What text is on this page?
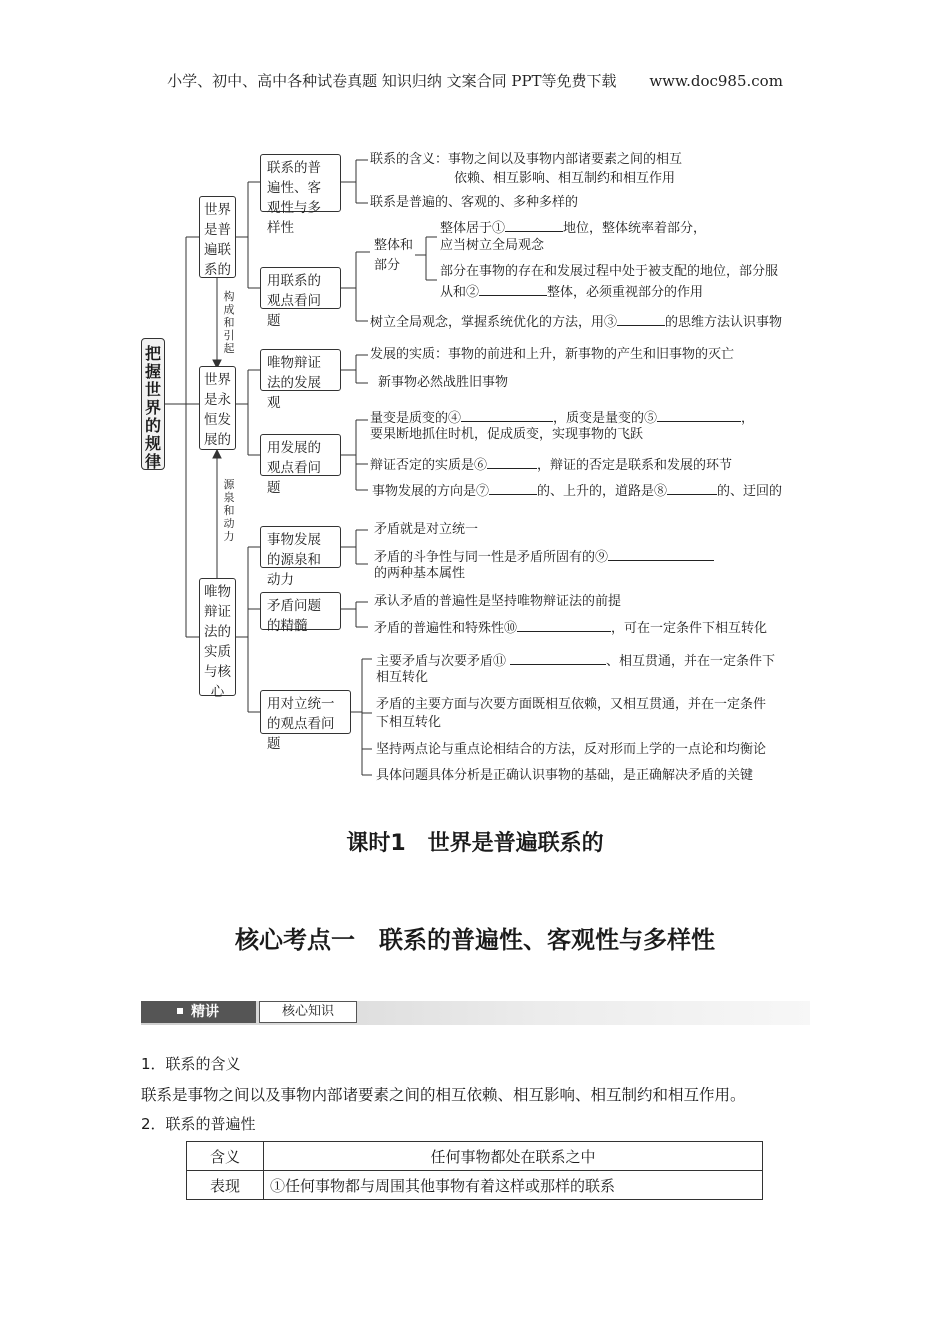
小学、初中、高中各种试卷真题 知识归纳 文案合同 PPT等免费下载 www.doc985.com
把握世界的规律
世界是普遍联系的
世界是永恒发展的
唯物辩证法的实质与核心
构成和引起
源泉和动力
联系的普遍性、客观性与多样性
用联系的观点看问题
唯物辩证法的发展观
用发展的观点看问题
事物发展的源泉和动力
矛盾问题的精髓
用对立统一的观点看问题
整体和部分
联系的含义：事物之间以及事物内部诸要素之间的相互
依赖、相互影响、相互制约和相互作用
联系是普遍的、客观的、多种多样的
整体居于①	地位，整体统率着部分，
应当树立全局观念
部分在事物的存在和发展过程中处于被支配的地位，部分服
从和②	整体，必须重视部分的作用
树立全局观念，掌握系统优化的方法，用③	的思维方法认识事物
发展的实质：事物的前进和上升，新事物的产生和旧事物的灭亡
新事物必然战胜旧事物
量变是质变的④	，质变是量变的⑤	，
要果断地抓住时机，促成质变，实现事物的飞跃
辩证否定的实质是⑥	，辩证的否定是联系和发展的环节
事物发展的方向是⑦	的、上升的，道路是⑧	的、迂回的
矛盾就是对立统一
矛盾的斗争性与同一性是矛盾所固有的⑨
的两种基本属性
承认矛盾的普遍性是坚持唯物辩证法的前提
矛盾的普遍性和特殊性⑩	，可在一定条件下相互转化
主要矛盾与次要矛盾⑪	、相互贯通，并在一定条件下
相互转化
矛盾的主要方面与次要方面既相互依赖，又相互贯通，并在一定条件
下相互转化
坚持两点论与重点论相结合的方法，反对形而上学的一点论和均衡论
具体问题具体分析是正确认识事物的基础，是正确解决矛盾的关键
课时1　世界是普遍联系的
核心考点一　联系的普遍性、客观性与多样性
精讲	核心知识
1．联系的含义
联系是事物之间以及事物内部诸要素之间的相互依赖、相互影响、相互制约和相互作用。
2．联系的普遍性
含义	任何事物都处在联系之中
表现	①任何事物都与周围其他事物有着这样或那样的联系
